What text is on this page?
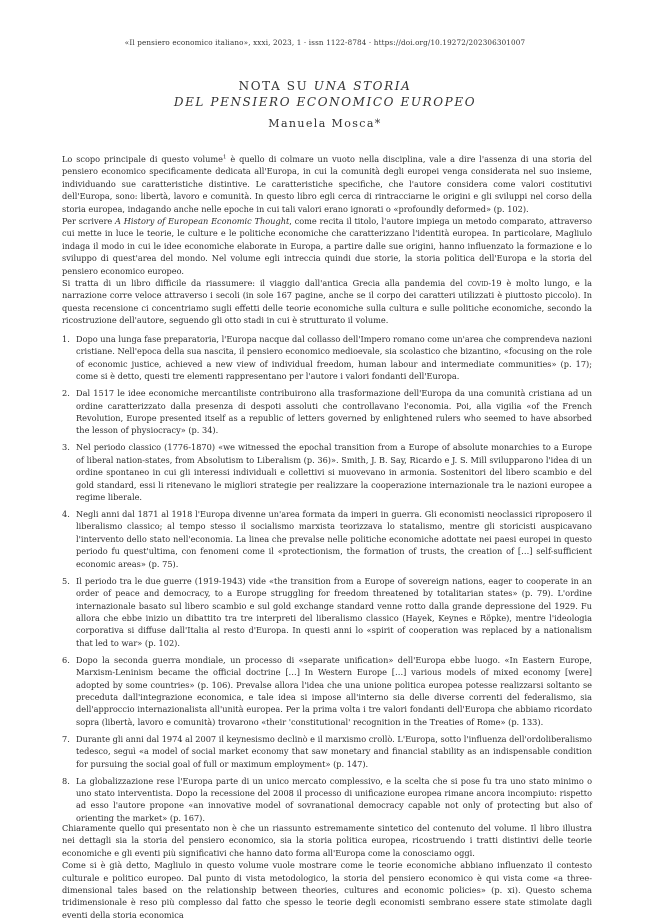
«Il pensiero economico italiano», xxxi, 2023, 1 · issn 1122-8784 · https://doi.org/10.19272/202306301007
NOTA SU UNA STORIA
DEL PENSIERO ECONOMICO EUROPEO
Manuela Mosca*

Lo scopo principale di questo volume$^1$ è quello di colmare un vuoto nella disciplina, vale a dire l'assenza di una storia del pensiero economico specificamente dedicata all'Europa, in cui la comunità degli europei venga considerata nel suo insieme, individuando sue caratteristiche distintive. Le caratteristiche specifiche, che l'autore considera come valori costitutivi dell'Europa, sono: libertà, lavoro e comunità. In questo libro egli cerca di rintracciarne le origini e gli sviluppi nel corso della storia europea, indagando anche nelle epoche in cui tali valori erano ignorati o «profoundly deformed» (p. 102).

Per scrivere A History of European Economic Thought, come recita il titolo, l'autore impiega un metodo comparato, attraverso cui mette in luce le teorie, le culture e le politiche economiche che caratterizzano l'identità europea. In particolare, Magliulo indaga il modo in cui le idee economiche elaborate in Europa, a partire dalle sue origini, hanno influenzato la formazione e lo sviluppo di quest'area del mondo. Nel volume egli intreccia quindi due storie, la storia politica dell'Europa e la storia del pensiero economico europeo.

Si tratta di un libro difficile da riassumere: il viaggio dall'antica Grecia alla pandemia del covid-19 è molto lungo, e la narrazione corre veloce attraverso i secoli (in sole 167 pagine, anche se il corpo dei caratteri utilizzati è piuttosto piccolo). In questa recensione ci concentriamo sugli effetti delle teorie economiche sulla cultura e sulle politiche economiche, secondo la ricostruzione dell'autore, seguendo gli otto stadi in cui è strutturato il volume.

1. Dopo una lunga fase preparatoria, l'Europa nacque dal collasso dell'Impero romano come un'area che comprendeva nazioni cristiane. Nell'epoca della sua nascita, il pensiero economico medioevale, sia scolastico che bizantino, «focusing on the role of economic justice, achieved a new view of individual freedom, human labour and intermediate communities» (p. 17); come si è detto, questi tre elementi rappresentano per l'autore i valori fondanti dell'Europa.
2. Dal 1517 le idee economiche mercantiliste contribuirono alla trasformazione dell'Europa da una comunità cristiana ad un ordine caratterizzato dalla presenza di despoti assoluti che controllavano l'economia. Poi, alla vigilia «of the French Revolution, Europe presented itself as a republic of letters governed by enlightened rulers who seemed to have absorbed the lesson of physiocracy» (p. 34).
3. Nel periodo classico (1776-1870) «we witnessed the epochal transition from a Europe of absolute monarchies to a Europe of liberal nation-states, from Absolutism to Liberalism (p. 36)». Smith, J. B. Say, Ricardo e J. S. Mill svilupparono l'idea di un ordine spontaneo in cui gli interessi individuali e collettivi si muovevano in armonia. Sostenitori del libero scambio e del gold standard, essi li ritenevano le migliori strategie per realizzare la cooperazione internazionale tra le nazioni europee a regime liberale.
4. Negli anni dal 1871 al 1918 l'Europa divenne un'area formata da imperi in guerra. Gli economisti neoclassici riproposero il liberalismo classico; al tempo stesso il socialismo marxista teorizzava lo statalismo, mentre gli storicisti auspicavano l'intervento dello stato nell'economia. La linea che prevalse nelle politiche economiche adottate nei paesi europei in questo periodo fu quest'ultima, con fenomeni come il «protectionism, the formation of trusts, the creation of […] self-sufficient economic areas» (p. 75).
5. Il periodo tra le due guerre (1919-1943) vide «the transition from a Europe of sovereign nations, eager to cooperate in an order of peace and democracy, to a Europe struggling for freedom threatened by totalitarian states» (p. 79). L'ordine internazionale basato sul libero scambio e sul gold exchange standard venne rotto dalla grande depressione del 1929. Fu allora che ebbe inizio un dibattito tra tre interpreti del liberalismo classico (Hayek, Keynes e Röpke), mentre l'ideologia corporativa si diffuse dall'Italia al resto d'Europa. In questi anni lo «spirit of cooperation was replaced by a nationalism that led to war» (p. 102).
6. Dopo la seconda guerra mondiale, un processo di «separate unification» dell'Europa ebbe luogo. «In Eastern Europe, Marxism-Leninism became the official doctrine […] In Western Europe […] various models of mixed economy [were] adopted by some countries» (p. 106). Prevalse allora l'idea che una unione politica europea potesse realizzarsi soltanto se preceduta dall'integrazione economica, e tale idea si impose all'interno sia delle diverse correnti del federalismo, sia dell'approccio internazionalista all'unità europea. Per la prima volta i tre valori fondanti dell'Europa che abbiamo ricordato sopra (libertà, lavoro e comunità) trovarono «their 'constitutional' recognition in the Treaties of Rome» (p. 133).
7. Durante gli anni dal 1974 al 2007 il keynesismo declinò e il marxismo crollò. L'Europa, sotto l'influenza dell'ordoliberalismo tedesco, seguì «a model of social market economy that saw monetary and financial stability as an indispensable condition for pursuing the social goal of full or maximum employment» (p. 147).
8. La globalizzazione rese l'Europa parte di un unico mercato complessivo, e la scelta che si pose fu tra uno stato minimo o uno stato interventista. Dopo la recessione del 2008 il processo di unificazione europea rimane ancora incompiuto: rispetto ad esso l'autore propone «an innovative model of sovranational democracy capable not only of protecting but also of orienting the market» (p. 167).

Chiaramente quello qui presentato non è che un riassunto estremamente sintetico del contenuto del volume. Il libro illustra nei dettagli sia la storia del pensiero economico, sia la storia politica europea, ricostruendo i tratti distintivi delle teorie economiche e gli eventi più significativi che hanno dato forma all'Europa come la conosciamo oggi.

Come si è già detto, Magliulo in questo volume vuole mostrare come le teorie economiche abbiano influenzato il contesto culturale e politico europeo. Dal punto di vista metodologico, la storia del pensiero economico è qui vista come «a three-dimensional tales based on the relationship between theories, cultures and economic policies» (p. xi). Questo schema tridimensionale è reso più complesso dal fatto che spesso le teorie degli economisti sembrano essere state stimolate dagli eventi della storia economica
